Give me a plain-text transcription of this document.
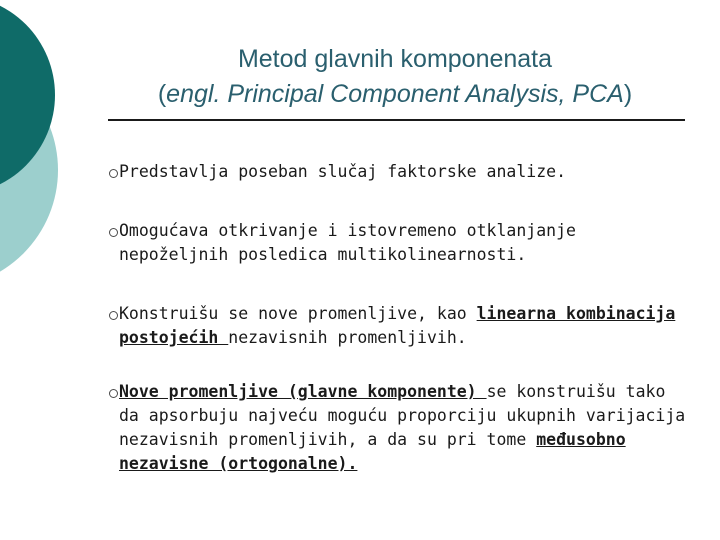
Metod glavnih komponenata
(engl. Principal Component Analysis, PCA)
Predstavlja poseban slučaj faktorske analize.
Omogućava otkrivanje i istovremeno otklanjanje nepoželjnih posledica multikolinearnosti.
Konstruišu se nove promenljive, kao linearna kombinacija postojećih nezavisnih promenljivih.
Nove promenljive (glavne komponente) se konstruišu tako da apsorbuju najveću moguću proporciju ukupnih varijacija nezavisnih promenljivih, a da su pri tome međusobno nezavisne (ortogonalne).
